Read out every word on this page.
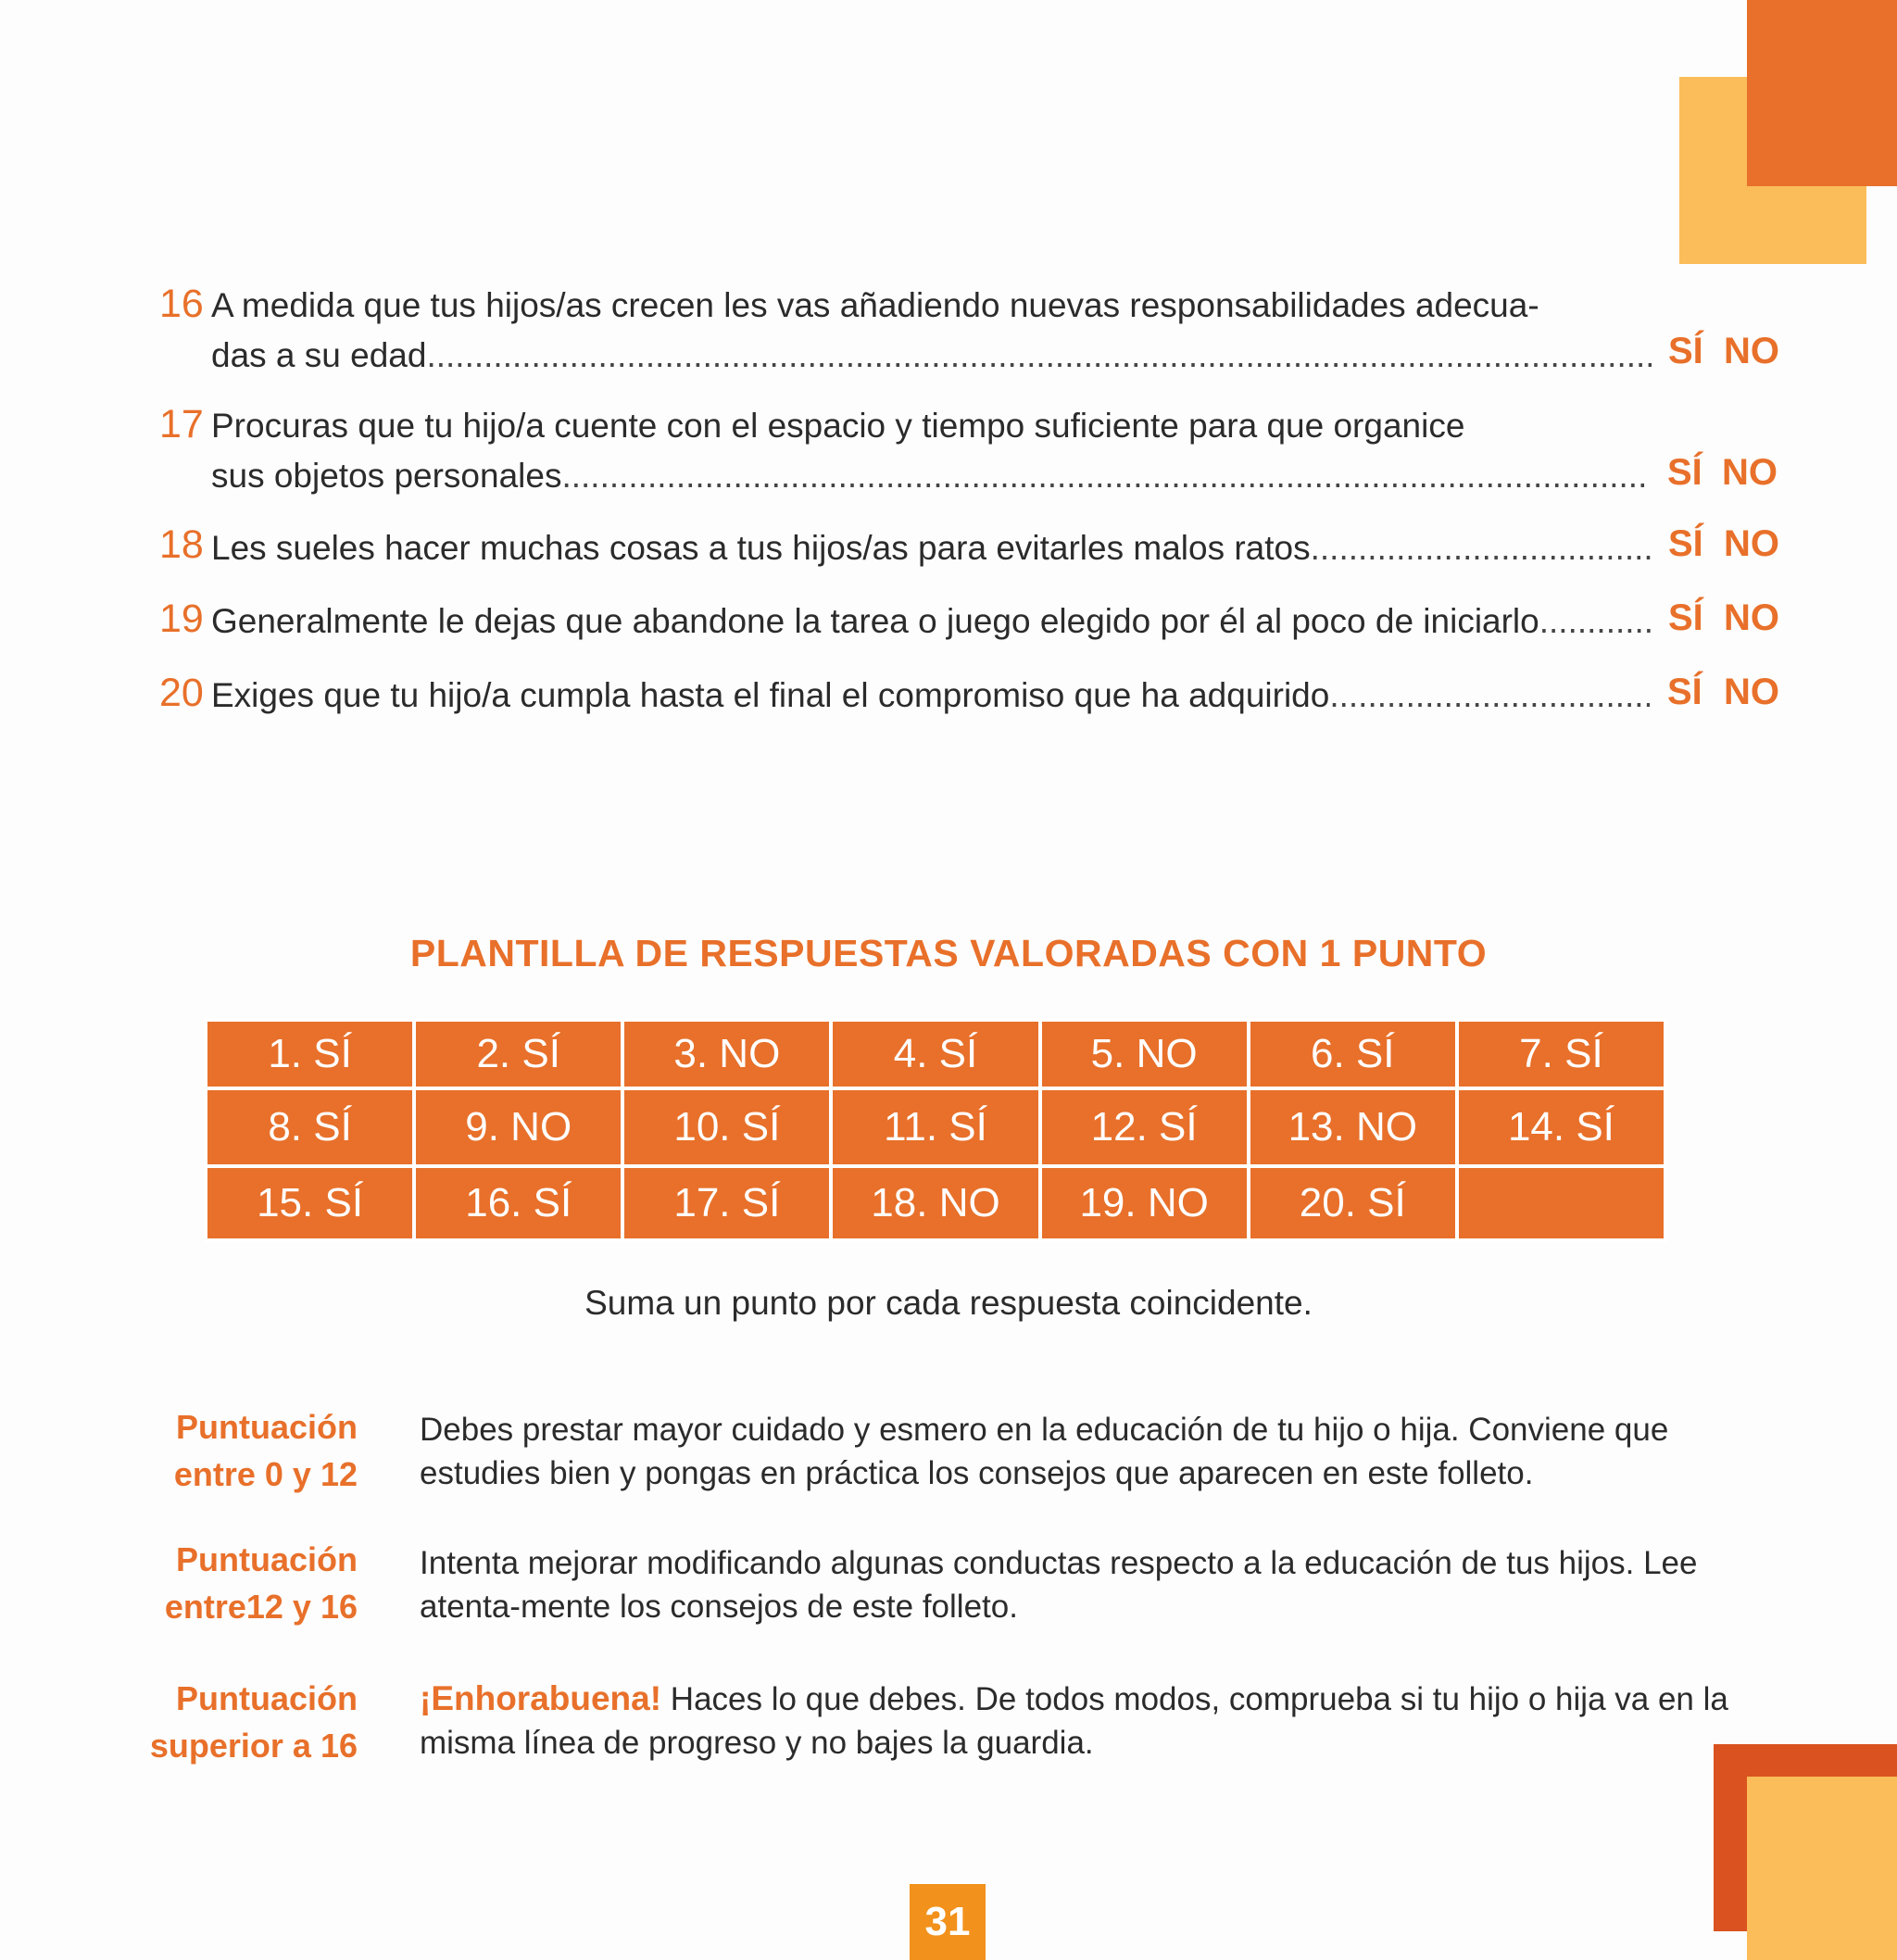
16 A medida que tus hijos/as crecen les vas añadiendo nuevas responsabilidades adecua-
das a su edad .....	SÍ NO
17 Procuras que tu hijo/a cuente con el espacio y tiempo suficiente para que organice
sus objetos personales .....	SÍ NO
18 Les sueles hacer muchas cosas a tus hijos/as para evitarles malos ratos .....	SÍ NO
19 Generalmente le dejas que abandone la tarea o juego elegido por él al poco de iniciarlo .....	SÍ NO
20 Exiges que tu hijo/a cumpla hasta el final el compromiso que ha adquirido .....	SÍ NO
PLANTILLA DE RESPUESTAS VALORADAS CON 1 PUNTO
1. SÍ	2. SÍ	3. NO	4. SÍ	5. NO	6. SÍ	7. SÍ
8. SÍ	9. NO	10. SÍ	11. SÍ	12. SÍ	13. NO	14. SÍ
15. SÍ	16. SÍ	17. SÍ	18. NO	19. NO	20. SÍ	
Suma un punto por cada respuesta coincidente.
Puntuación
entre 0 y 12
Debes prestar mayor cuidado y esmero en la educación de tu hijo o hija. Conviene que estudies bien y pongas en práctica los consejos que aparecen en este folleto.
Puntuación
entre12 y 16
Intenta mejorar modificando algunas conductas respecto a la educación de tus hijos. Lee atenta-mente los consejos de este folleto.
Puntuación
superior a 16
¡Enhorabuena! Haces lo que debes. De todos modos, comprueba si tu hijo o hija va en la misma línea de progreso y no bajes la guardia.
31
